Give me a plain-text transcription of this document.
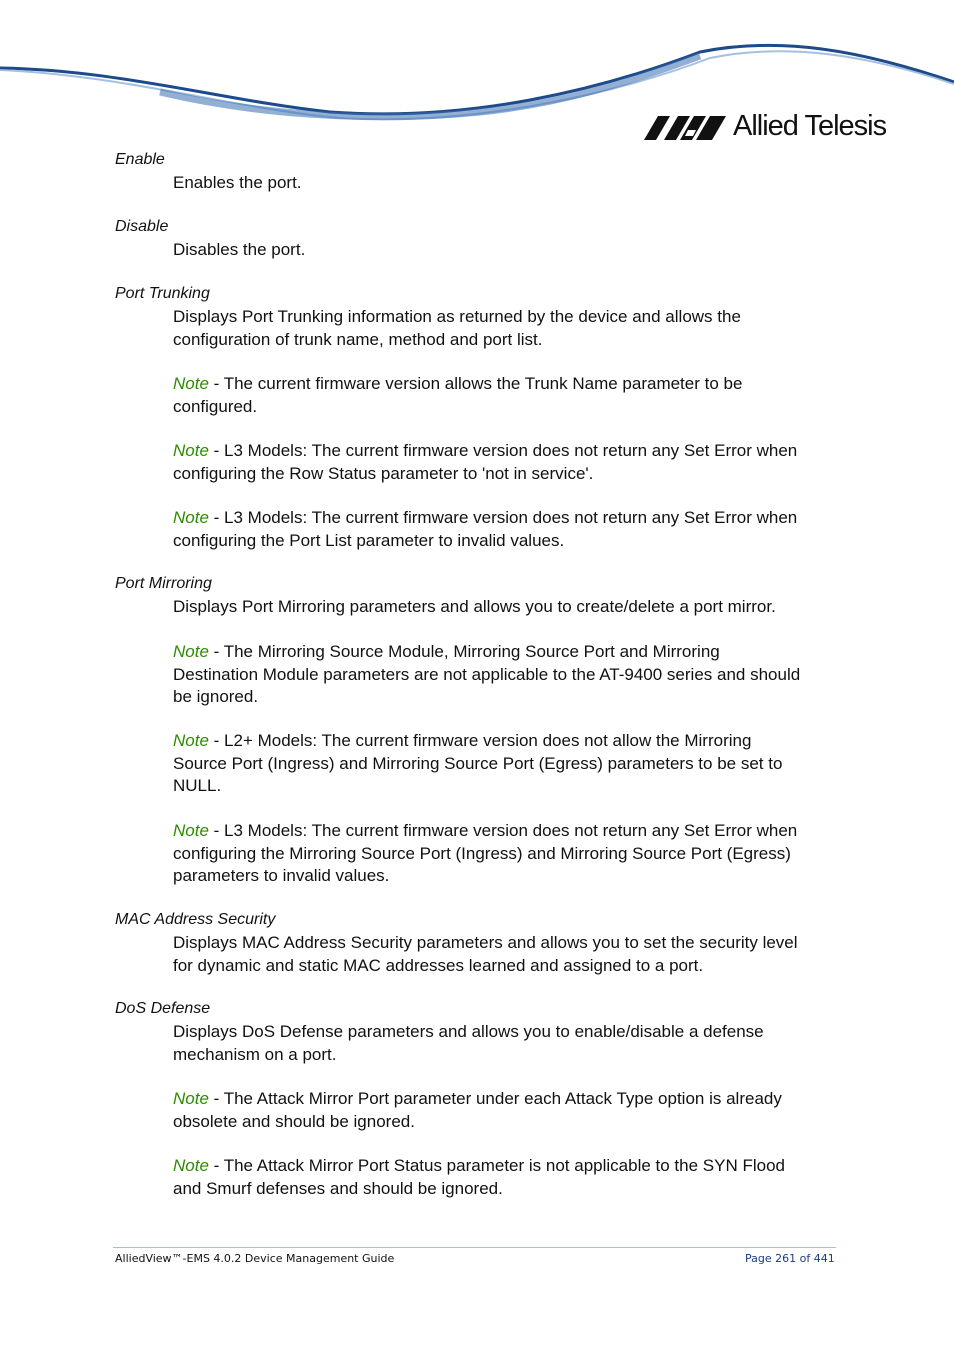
Allied Telesis
Enable
Enables the port.
Disable
Disables the port.
Port Trunking
Displays Port Trunking information as returned by the device and allows the
configuration of trunk name, method and port list.
Note - The current firmware version allows the Trunk Name parameter to be
configured.
Note - L3 Models: The current firmware version does not return any Set Error when
configuring the Row Status parameter to 'not in service'.
Note - L3 Models: The current firmware version does not return any Set Error when
configuring the Port List parameter to invalid values.
Port Mirroring
Displays Port Mirroring parameters and allows you to create/delete a port mirror.
Note - The Mirroring Source Module, Mirroring Source Port and Mirroring
Destination Module parameters are not applicable to the AT-9400 series and should
be ignored.
Note - L2+ Models: The current firmware version does not allow the Mirroring
Source Port (Ingress) and Mirroring Source Port (Egress) parameters to be set to
NULL.
Note - L3 Models: The current firmware version does not return any Set Error when
configuring the Mirroring Source Port (Ingress) and Mirroring Source Port (Egress)
parameters to invalid values.
MAC Address Security
Displays MAC Address Security parameters and allows you to set the security level
for dynamic and static MAC addresses learned and assigned to a port.
DoS Defense
Displays DoS Defense parameters and allows you to enable/disable a defense
mechanism on a port.
Note - The Attack Mirror Port parameter under each Attack Type option is already
obsolete and should be ignored.
Note - The Attack Mirror Port Status parameter is not applicable to the SYN Flood
and Smurf defenses and should be ignored.
AlliedView™-EMS 4.0.2 Device Management Guide	Page 261 of 441
